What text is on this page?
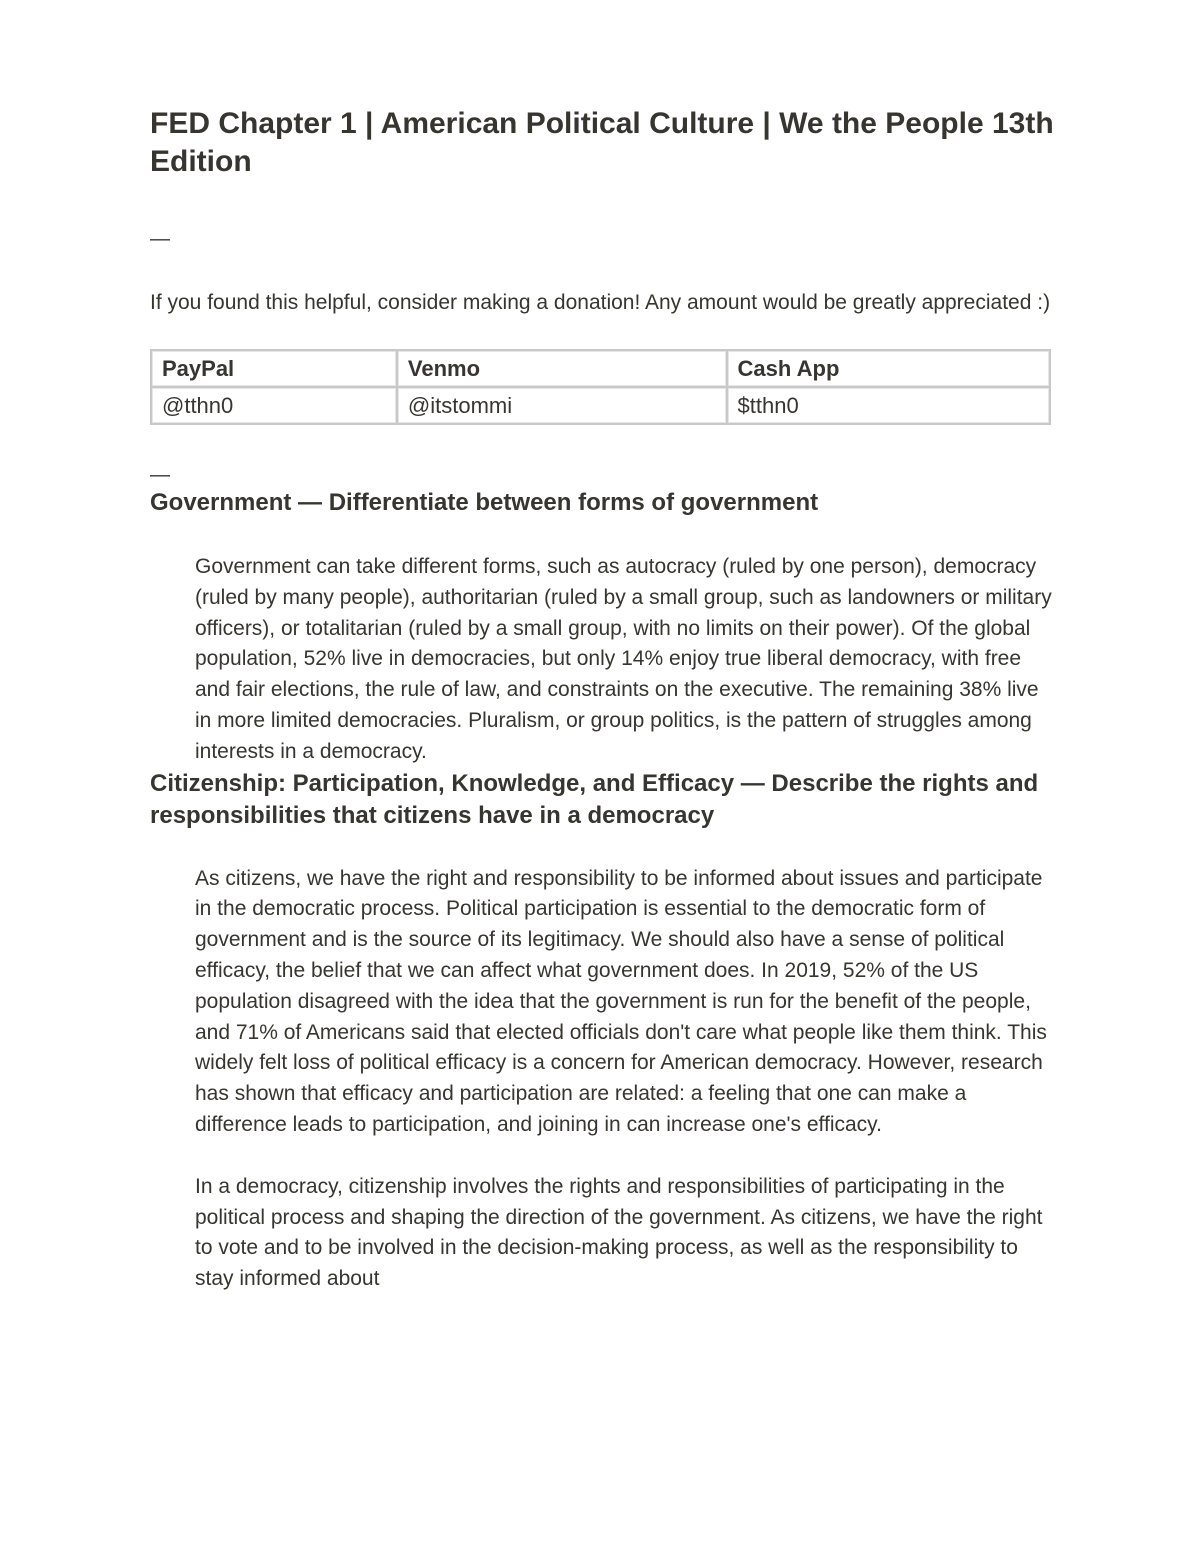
FED Chapter 1 | American Political Culture | We the People 13th Edition
—
If you found this helpful, consider making a donation! Any amount would be greatly appreciated :)
PayPal	Venmo	Cash App
@tthn0	@itstommi	$tthn0
—
Government — Differentiate between forms of government
Government can take different forms, such as autocracy (ruled by one person), democracy (ruled by many people), authoritarian (ruled by a small group, such as landowners or military officers), or totalitarian (ruled by a small group, with no limits on their power). Of the global population, 52% live in democracies, but only 14% enjoy true liberal democracy, with free and fair elections, the rule of law, and constraints on the executive. The remaining 38% live in more limited democracies. Pluralism, or group politics, is the pattern of struggles among interests in a democracy.
Citizenship: Participation, Knowledge, and Efficacy — Describe the rights and responsibilities that citizens have in a democracy
As citizens, we have the right and responsibility to be informed about issues and participate in the democratic process. Political participation is essential to the democratic form of government and is the source of its legitimacy. We should also have a sense of political efficacy, the belief that we can affect what government does. In 2019, 52% of the US population disagreed with the idea that the government is run for the benefit of the people, and 71% of Americans said that elected officials don't care what people like them think. This widely felt loss of political efficacy is a concern for American democracy. However, research has shown that efficacy and participation are related: a feeling that one can make a difference leads to participation, and joining in can increase one's efficacy.
In a democracy, citizenship involves the rights and responsibilities of participating in the political process and shaping the direction of the government. As citizens, we have the right to vote and to be involved in the decision-making process, as well as the responsibility to stay informed about
